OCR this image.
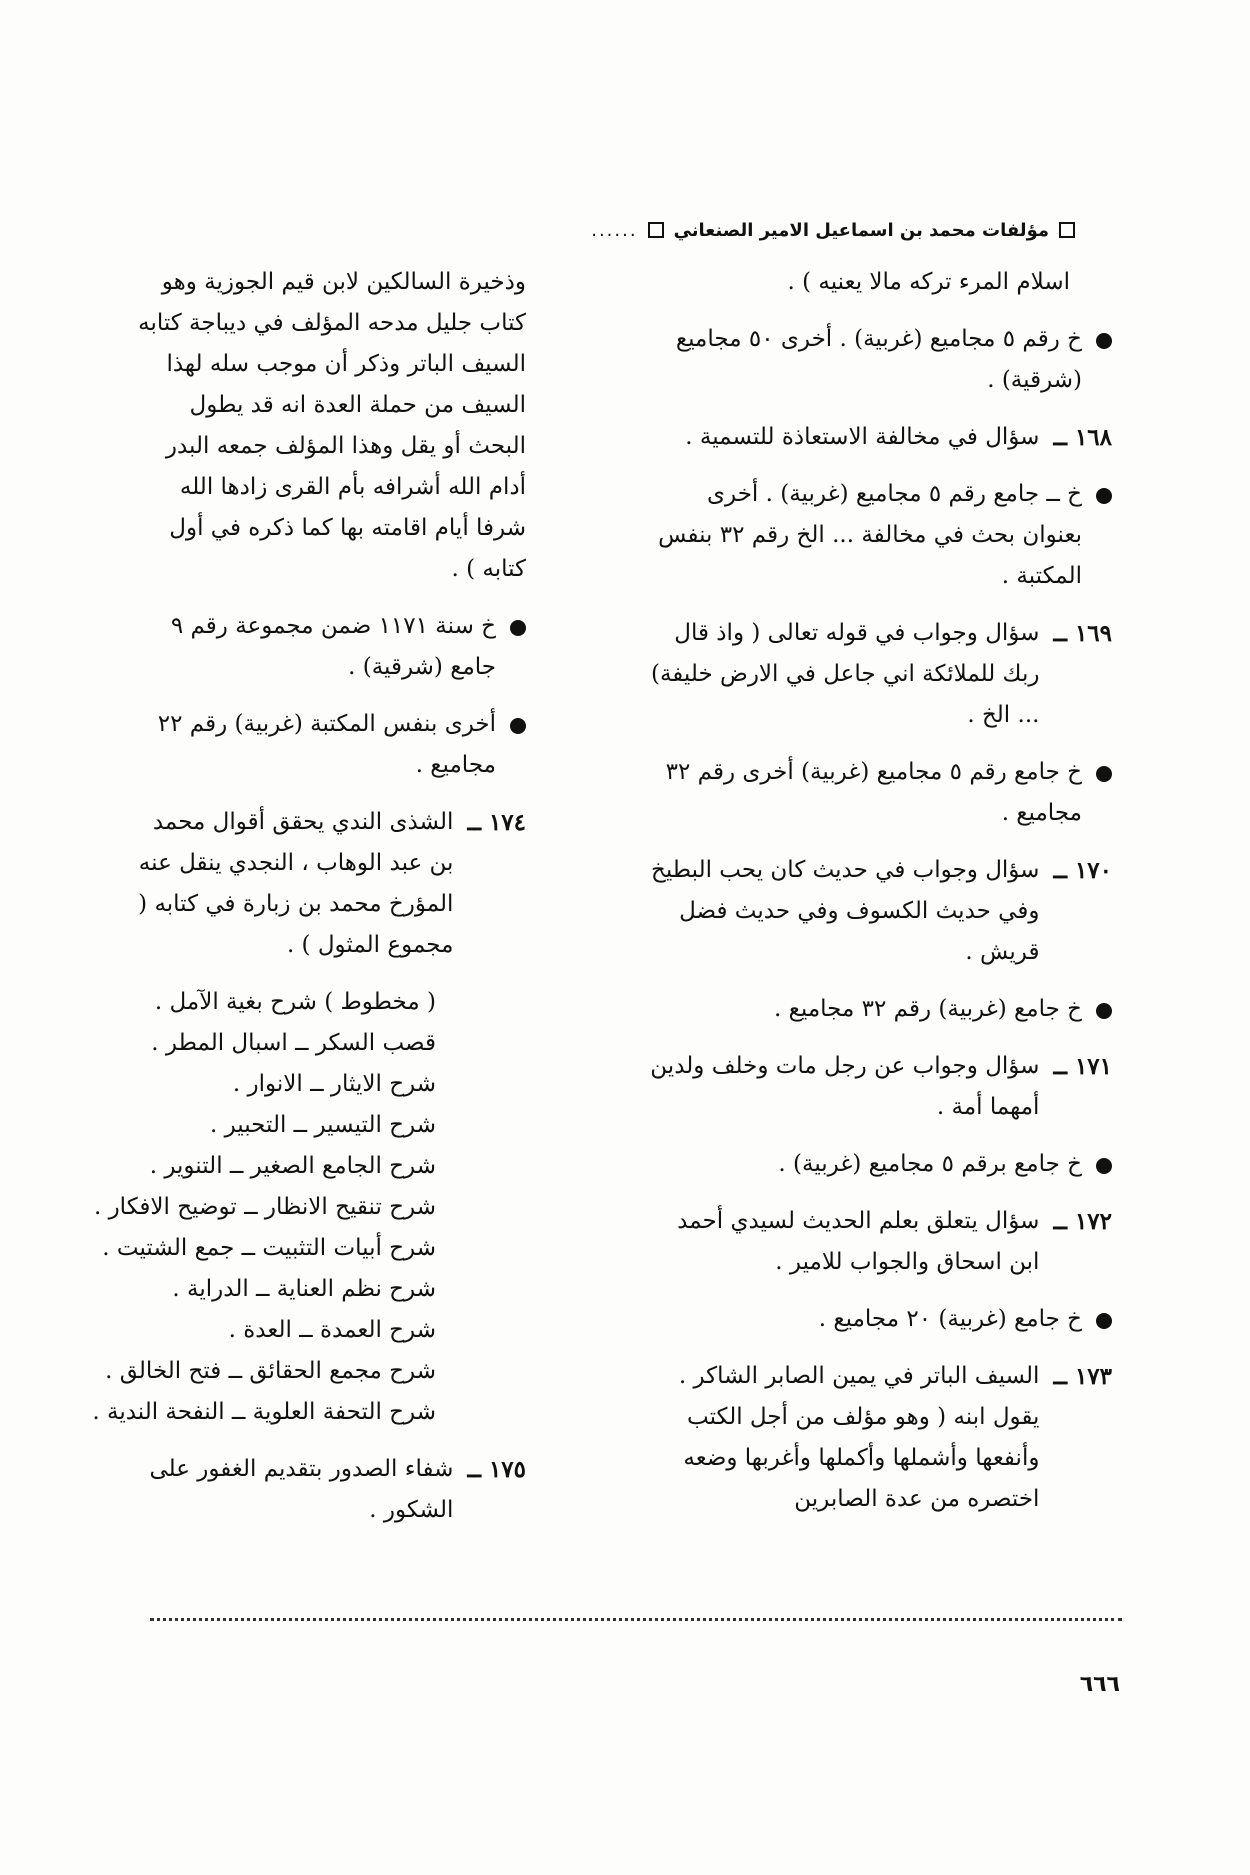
مؤلفات محمد بن اسماعيل الامير الصنعاني
......
اسلام المرء تركه مالا يعنيه ) .
خ رقم ٥ مجاميع (غربية) . أخرى ٥٠ مجاميع (شرقية) .
١٦٨ ــ
سؤال في مخالفة الاستعاذة للتسمية .
خ ــ جامع رقم ٥ مجاميع (غربية) . أخرى بعنوان بحث في مخالفة ... الخ رقم ٣٢ بنفس المكتبة .
١٦٩ ــ
سؤال وجواب في قوله تعالى ( واذ قال ربك للملائكة اني جاعل في الارض خليفة) ... الخ .
خ جامع رقم ٥ مجاميع (غربية) أخرى رقم ٣٢ مجاميع .
١٧٠ ــ
سؤال وجواب في حديث كان يحب البطيخ وفي حديث الكسوف وفي حديث فضل قريش .
خ جامع (غربية) رقم ٣٢ مجاميع .
١٧١ ــ
سؤال وجواب عن رجل مات وخلف ولدين أمهما أمة .
خ جامع برقم ٥ مجاميع (غربية) .
١٧٢ ــ
سؤال يتعلق بعلم الحديث لسيدي أحمد ابن اسحاق والجواب للامير .
خ جامع (غربية) ٢٠ مجاميع .
١٧٣ ــ
السيف الباتر في يمين الصابر الشاكر . يقول ابنه ( وهو مؤلف من أجل الكتب وأنفعها وأشملها وأكملها وأغربها وضعه اختصره من عدة الصابرين
وذخيرة السالكين لابن قيم الجوزية وهو كتاب جليل مدحه المؤلف في ديباجة كتابه السيف الباتر وذكر أن موجب سله لهذا السيف من حملة العدة انه قد يطول البحث أو يقل وهذا المؤلف جمعه البدر أدام الله أشرافه بأم القرى زادها الله شرفا أيام اقامته بها كما ذكره في أول كتابه ) .
خ سنة ١١٧١ ضمن مجموعة رقم ٩ جامع (شرقية) .
أخرى بنفس المكتبة (غربية) رقم ٢٢ مجاميع .
١٧٤ ــ
الشذى الندي يحقق أقوال محمد بن عبد الوهاب ، النجدي ينقل عنه المؤرخ محمد بن زبارة في كتابه ( مجموع المثول ) .
( مخطوط ) شرح بغية الآمل .
قصب السكر ــ اسبال المطر .
شرح الايثار ــ الانوار .
شرح التيسير ــ التحبير .
شرح الجامع الصغير ــ التنوير .
شرح تنقيح الانظار ــ توضيح الافكار .
شرح أبيات التثبيت ــ جمع الشتيت .
شرح نظم العناية ــ الدراية .
شرح العمدة ــ العدة .
شرح مجمع الحقائق ــ فتح الخالق .
شرح التحفة العلوية ــ النفحة الندية .
١٧٥ ــ
شفاء الصدور بتقديم الغفور على الشكور .
٦٦٦
